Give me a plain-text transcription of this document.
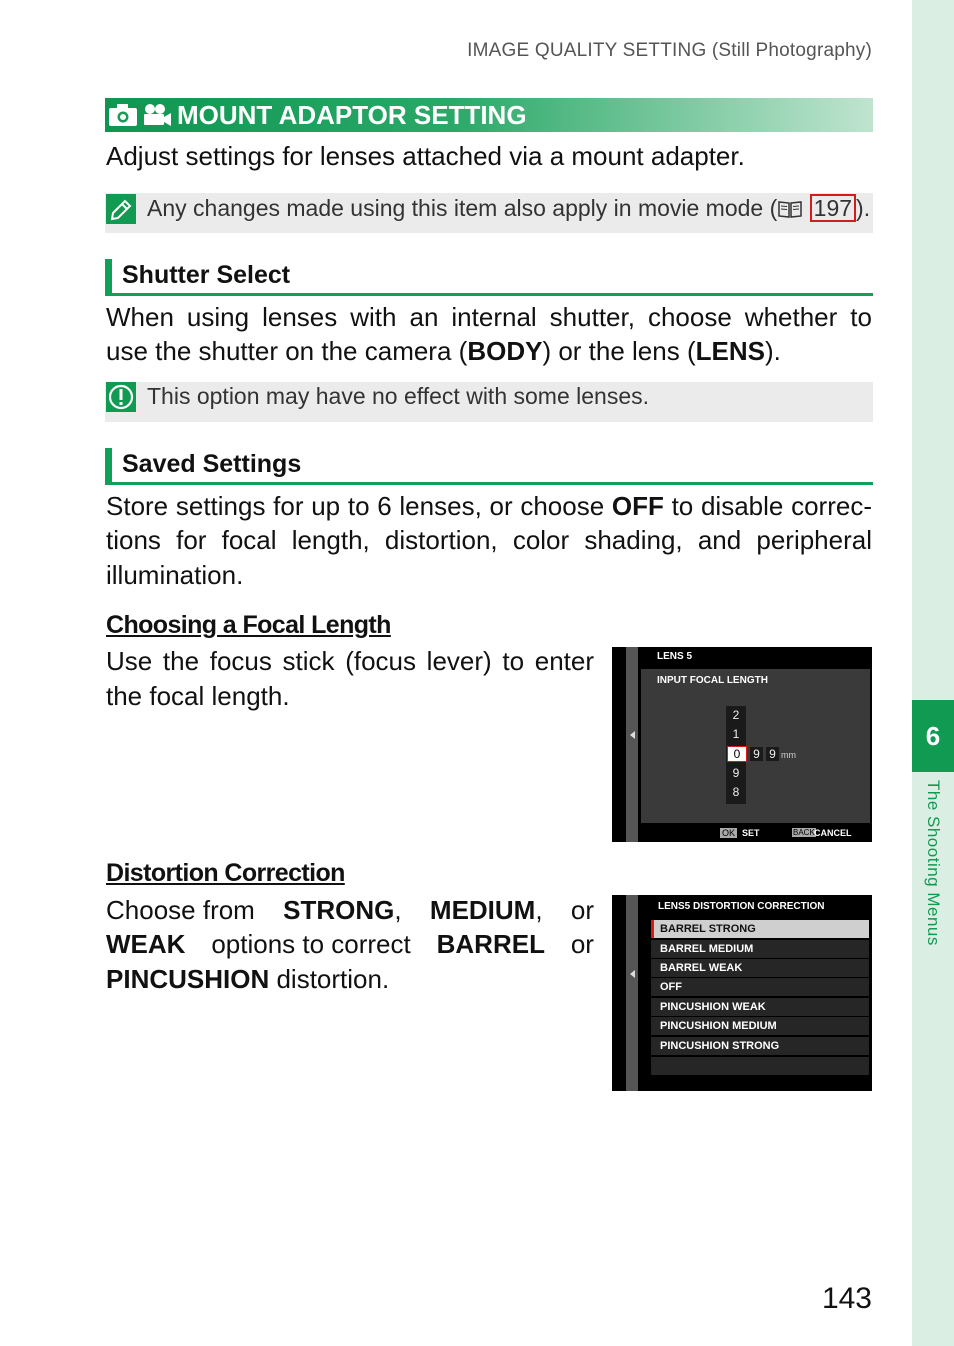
IMAGE QUALITY SETTING (Still Photography)
6
The Shooting Menus
MOUNT ADAPTOR SETTING
Adjust settings for lenses attached via a mount adapter.
Any changes made using this item also apply in movie mode ( 197 ).
Shutter Select
When using lenses with an internal shutter, choose whether to
use the shutter on the camera (BODY) or the lens (LENS).
This option may have no effect with some lenses.
Saved Settings
Store settings for up to 6 lenses, or choose OFF to disable correc-
tions for focal length, distortion, color shading, and peripheral
illumination.
Choosing a Focal Length
Use the focus stick (focus lever) to enter
the focal length.
LENS 5
INPUT FOCAL LENGTH
2
1
0
9
8
9 9 mm
OK SET	BACK CANCEL
Distortion Correction
Choose from STRONG, MEDIUM, or
WEAK options to correct BARREL or
PINCUSHION distortion.
LENS5 DISTORTION CORRECTION
BARREL STRONG
BARREL MEDIUM
BARREL WEAK
OFF
PINCUSHION WEAK
PINCUSHION MEDIUM
PINCUSHION STRONG
143
